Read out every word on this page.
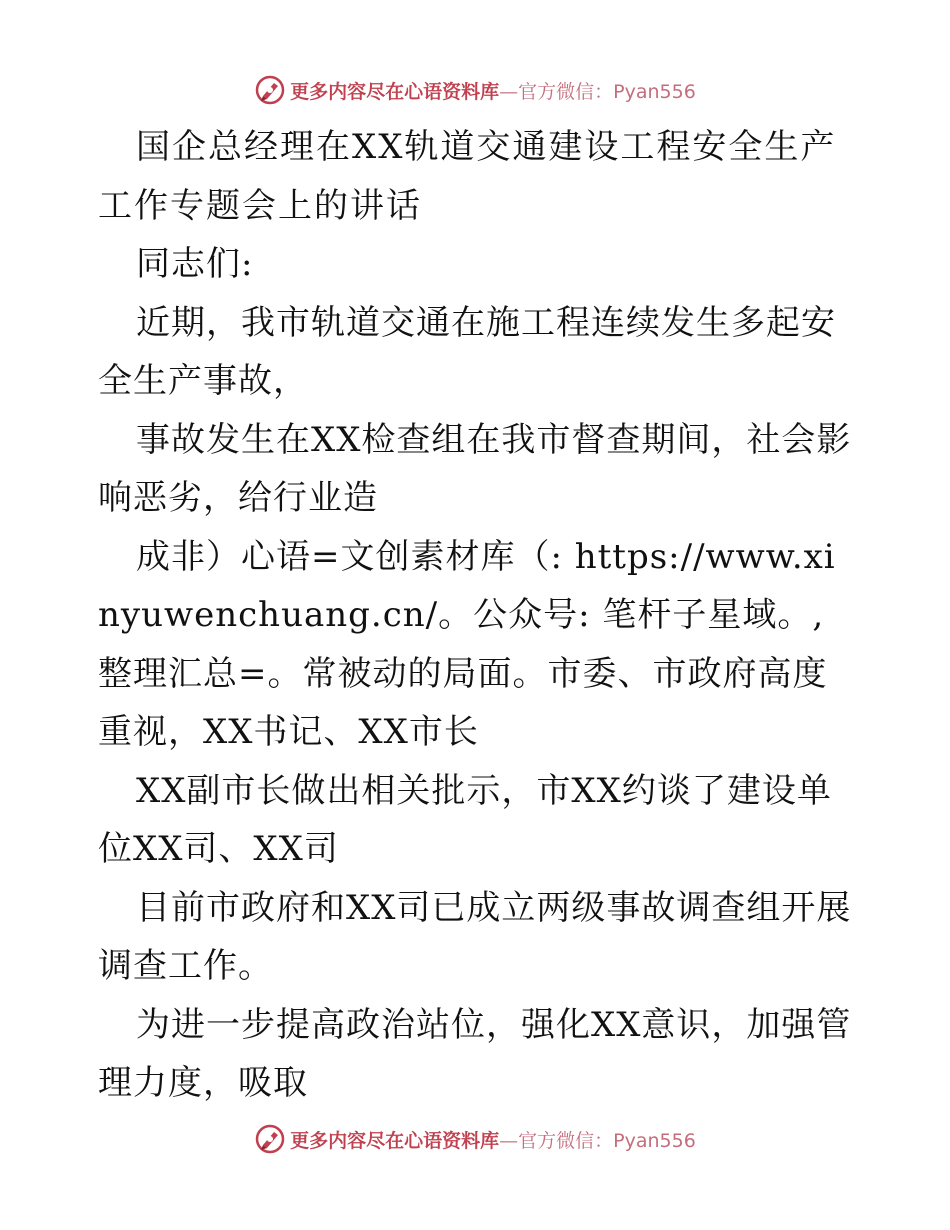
更多内容尽在心语资料库—官方微信：Pyan556

国企总经理在XX轨道交通建设工程安全生产工作专题会上的讲话

同志们:

近期，我市轨道交通在施工程连续发生多起安全生产事故，

事故发生在XX检查组在我市督查期间，社会影响恶劣，给行业造

成非）心语=文创素材库（: https://www.xinyuwenchuang.cn/。公众号: 笔杆子星域。,整理汇总=。常被动的局面。市委、市政府高度重视，XX书记、XX市长

XX副市长做出相关批示，市XX约谈了建设单位XX司、XX司

目前市政府和XX司已成立两级事故调查组开展调查工作。

为进一步提高政治站位，强化XX意识，加强管理力度，吸取

更多内容尽在心语资料库—官方微信：Pyan556
